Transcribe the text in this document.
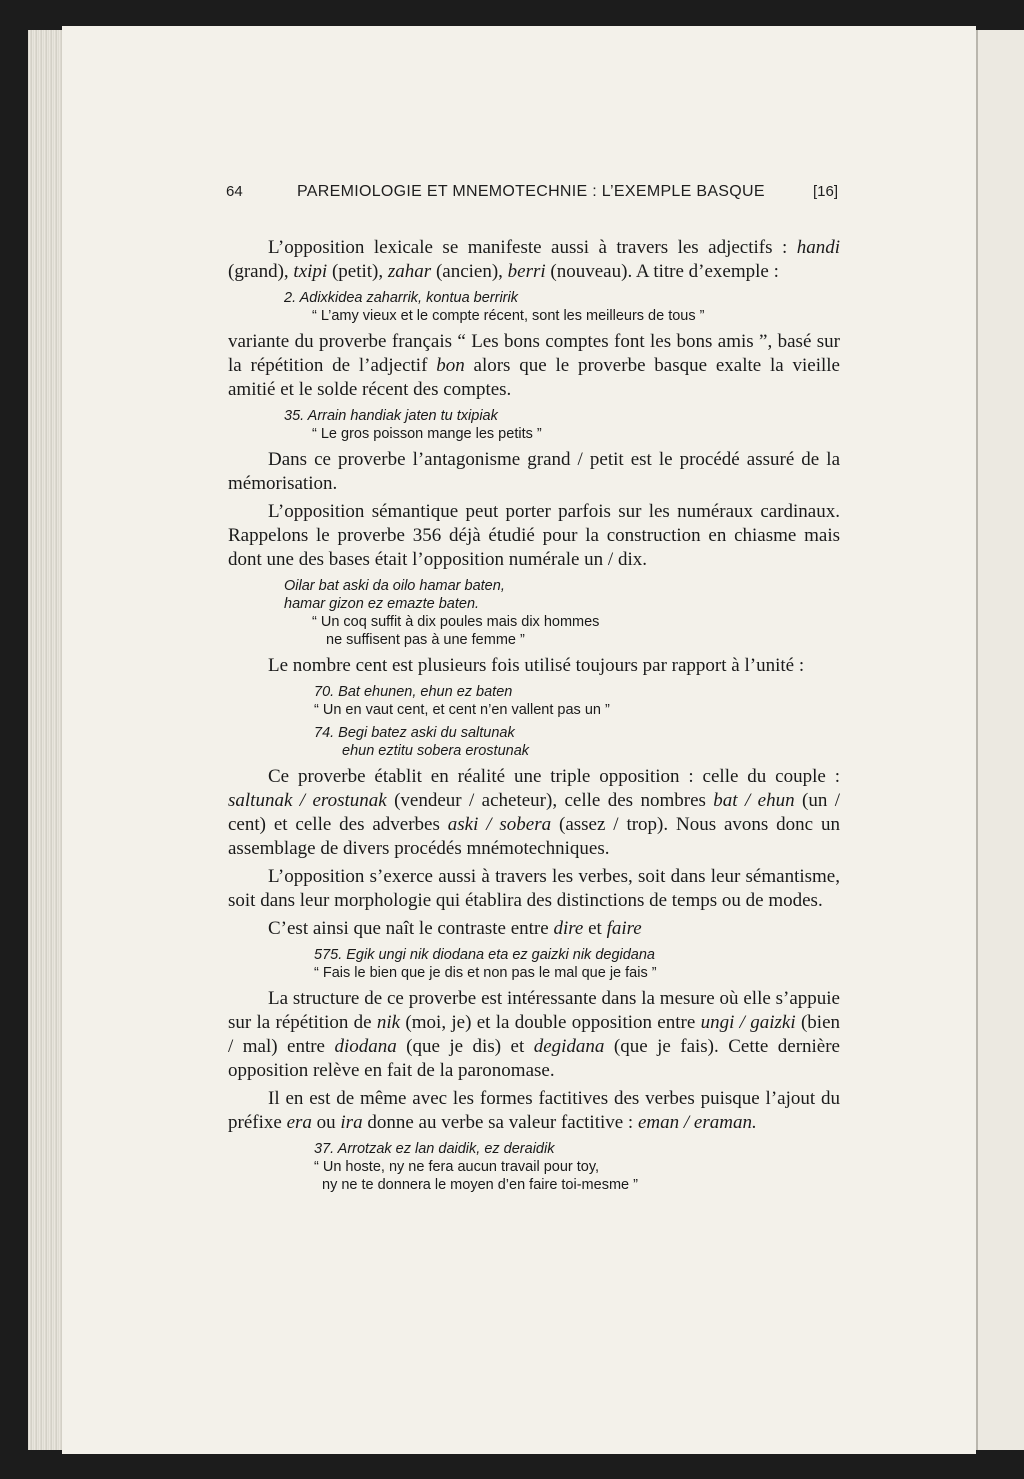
64	PAREMIOLOGIE ET MNEMOTECHNIE : L’EXEMPLE BASQUE	[16]

L’opposition lexicale se manifeste aussi à travers les adjectifs : handi (grand), txipi (petit), zahar (ancien), berri (nouveau). A titre d’exemple :

2. Adixkidea zaharrik, kontua berririk
“ L’amy vieux et le compte récent, sont les meilleurs de tous ”

variante du proverbe français “ Les bons comptes font les bons amis ”, basé sur la répétition de l’adjectif bon alors que le proverbe basque exalte la vieille amitié et le solde récent des comptes.

35. Arrain handiak jaten tu txipiak
“ Le gros poisson mange les petits ”

Dans ce proverbe l’antagonisme grand / petit est le procédé assuré de la mémorisation.

L’opposition sémantique peut porter parfois sur les numéraux cardinaux. Rappelons le proverbe 356 déjà étudié pour la construction en chiasme mais dont une des bases était l’opposition numérale un / dix.

Oilar bat aski da oilo hamar baten,
hamar gizon ez emazte baten.
“ Un coq suffit à dix poules mais dix hommes
ne suffisent pas à une femme ”

Le nombre cent est plusieurs fois utilisé toujours par rapport à l’unité :

70. Bat ehunen, ehun ez baten
“ Un en vaut cent, et cent n’en vallent pas un ”
74. Begi batez aski du saltunak
ehun eztitu sobera erostunak

Ce proverbe établit en réalité une triple opposition : celle du couple : saltunak / erostunak (vendeur / acheteur), celle des nombres bat / ehun (un / cent) et celle des adverbes aski / sobera (assez / trop). Nous avons donc un assemblage de divers procédés mnémotechniques.

L’opposition s’exerce aussi à travers les verbes, soit dans leur sémantisme, soit dans leur morphologie qui établira des distinctions de temps ou de modes.

C’est ainsi que naît le contraste entre dire et faire

575. Egik ungi nik diodana eta ez gaizki nik degidana
“ Fais le bien que je dis et non pas le mal que je fais ”

La structure de ce proverbe est intéressante dans la mesure où elle s’appuie sur la répétition de nik (moi, je) et la double opposition entre ungi / gaizki (bien / mal) entre diodana (que je dis) et degidana (que je fais). Cette dernière opposition relève en fait de la paronomase.

Il en est de même avec les formes factitives des verbes puisque l’ajout du préfixe era ou ira donne au verbe sa valeur factitive : eman / eraman.

37. Arrotzak ez lan daidik, ez deraidik
“ Un hoste, ny ne fera aucun travail pour toy,
ny ne te donnera le moyen d’en faire toi-mesme ”
